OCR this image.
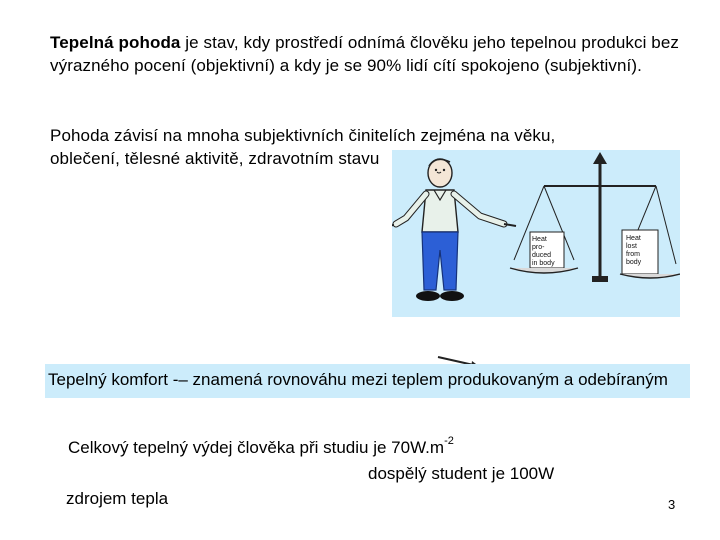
Tepelná pohoda je stav, kdy prostředí odnímá člověku jeho tepelnou produkci bez výrazného pocení (objektivní) a kdy je se 90% lidí cítí spokojeno (subjektivní).
Pohoda závisí na mnoha subjektivních činitelích zejména na věku,
oblečení, tělesné aktivitě, zdravotním stavu
Heat
pro-
duced
in body
Heat
lost
from
body
Tepelný komfort -– znamená rovnováhu mezi teplem produkovaným a odebíraným
Celkový tepelný výdej člověka při studiu je $70W.m^{-2}$
dospělý student je 100W
zdrojem tepla	3
